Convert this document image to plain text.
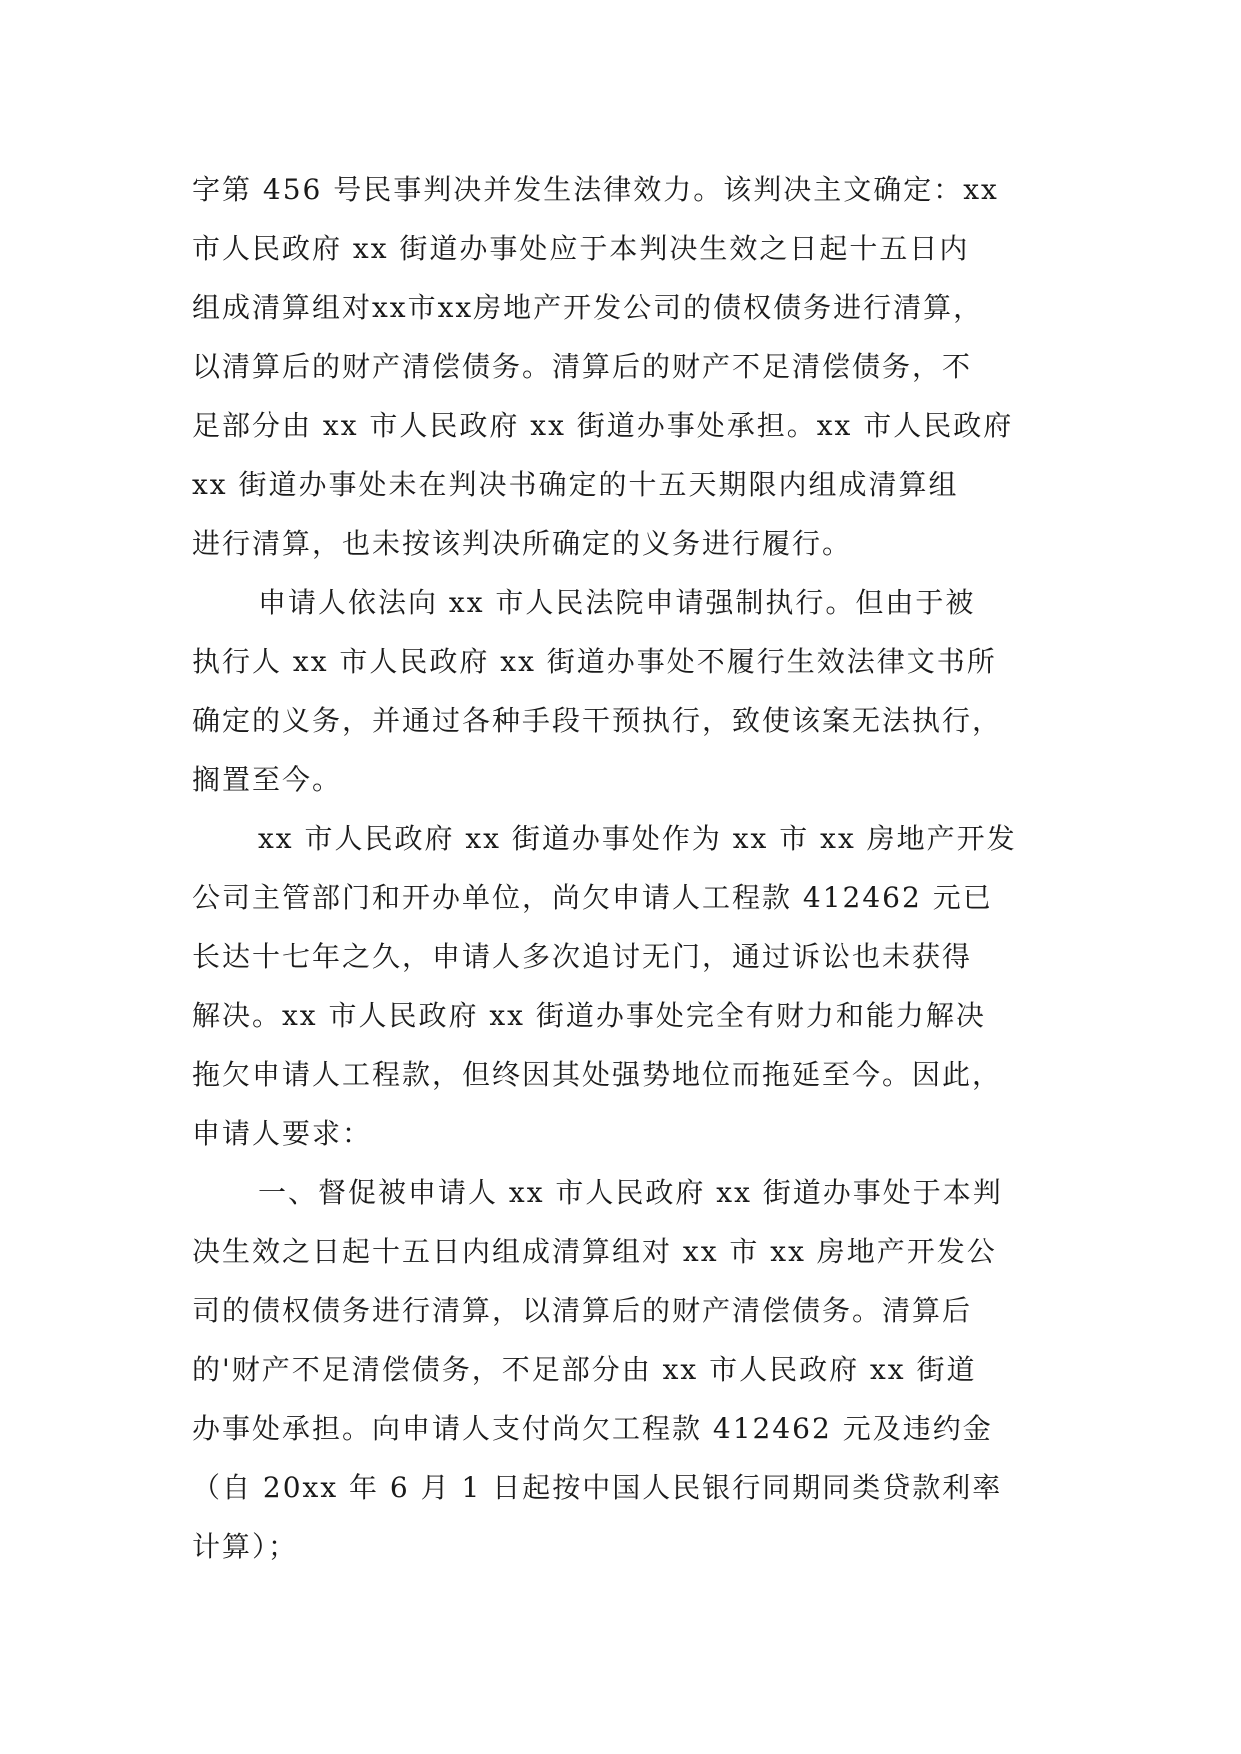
字第 456 号民事判决并发生法律效力。该判决主文确定：xx
市人民政府 xx 街道办事处应于本判决生效之日起十五日内
组成清算组对xx市xx房地产开发公司的债权债务进行清算，
以清算后的财产清偿债务。清算后的财产不足清偿债务，不
足部分由 xx 市人民政府 xx 街道办事处承担。xx 市人民政府
xx 街道办事处未在判决书确定的十五天期限内组成清算组
进行清算，也未按该判决所确定的义务进行履行。
申请人依法向 xx 市人民法院申请强制执行。但由于被
执行人 xx 市人民政府 xx 街道办事处不履行生效法律文书所
确定的义务，并通过各种手段干预执行，致使该案无法执行，
搁置至今。
xx 市人民政府 xx 街道办事处作为 xx 市 xx 房地产开发
公司主管部门和开办单位，尚欠申请人工程款 412462 元已
长达十七年之久，申请人多次追讨无门，通过诉讼也未获得
解决。xx 市人民政府 xx 街道办事处完全有财力和能力解决
拖欠申请人工程款，但终因其处强势地位而拖延至今。因此，
申请人要求：
一、督促被申请人 xx 市人民政府 xx 街道办事处于本判
决生效之日起十五日内组成清算组对 xx 市 xx 房地产开发公
司的债权债务进行清算，以清算后的财产清偿债务。清算后
的'财产不足清偿债务，不足部分由 xx 市人民政府 xx 街道
办事处承担。向申请人支付尚欠工程款 412462 元及违约金
（自 20xx 年 6 月 1 日起按中国人民银行同期同类贷款利率
计算）；
